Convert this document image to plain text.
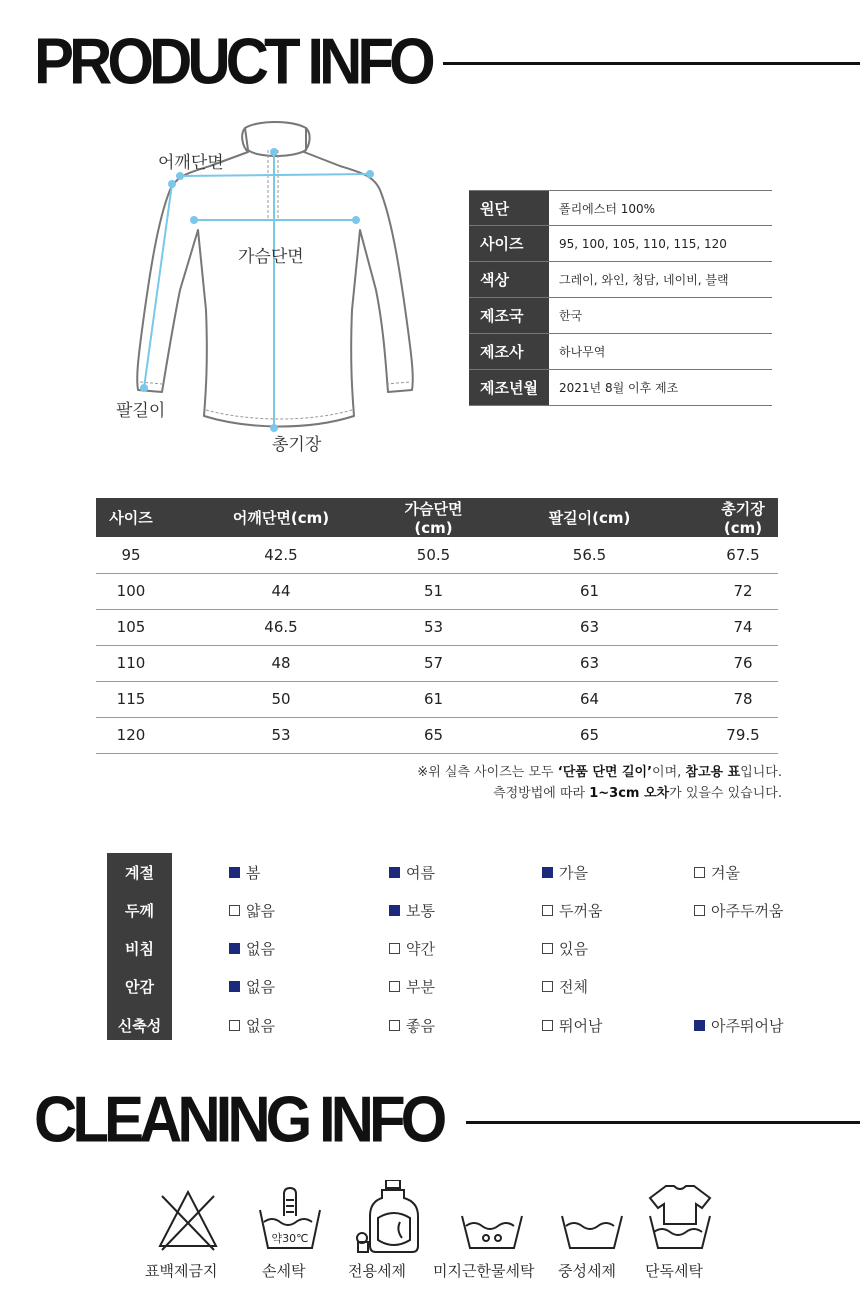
PRODUCT INFO
어깨단면
가슴단면
팔길이
총기장
원단	폴리에스터 100%
사이즈	95, 100, 105, 110, 115, 120
색상	그레이, 와인, 청담, 네이비, 블랙
제조국	한국
제조사	하나무역
제조년월	2021년 8월 이후 제조
사이즈	어깨단면(cm)	가슴단면(cm)	팔길이(cm)	총기장(cm)
95	42.5	50.5	56.5	67.5
100	44	51	61	72
105	46.5	53	63	74
110	48	57	63	76
115	50	61	64	78
120	53	65	65	79.5
※위 실측 사이즈는 모두 ‘단품 단면 길이’이며, 참고용 표입니다.
측정방법에 따라 1~3cm 오차가 있을수 있습니다.
계절	봄	여름	가을	겨울
두께	얇음	보통	두꺼움	아주두꺼움
비침	없음	약간	있음
안감	없음	부분	전체
신축성	없음	좋음	뛰어남	아주뛰어남
CLEANING INFO
약30℃
표백제금지	손세탁	전용세제 미지근한물세탁 중성세제 단독세탁
